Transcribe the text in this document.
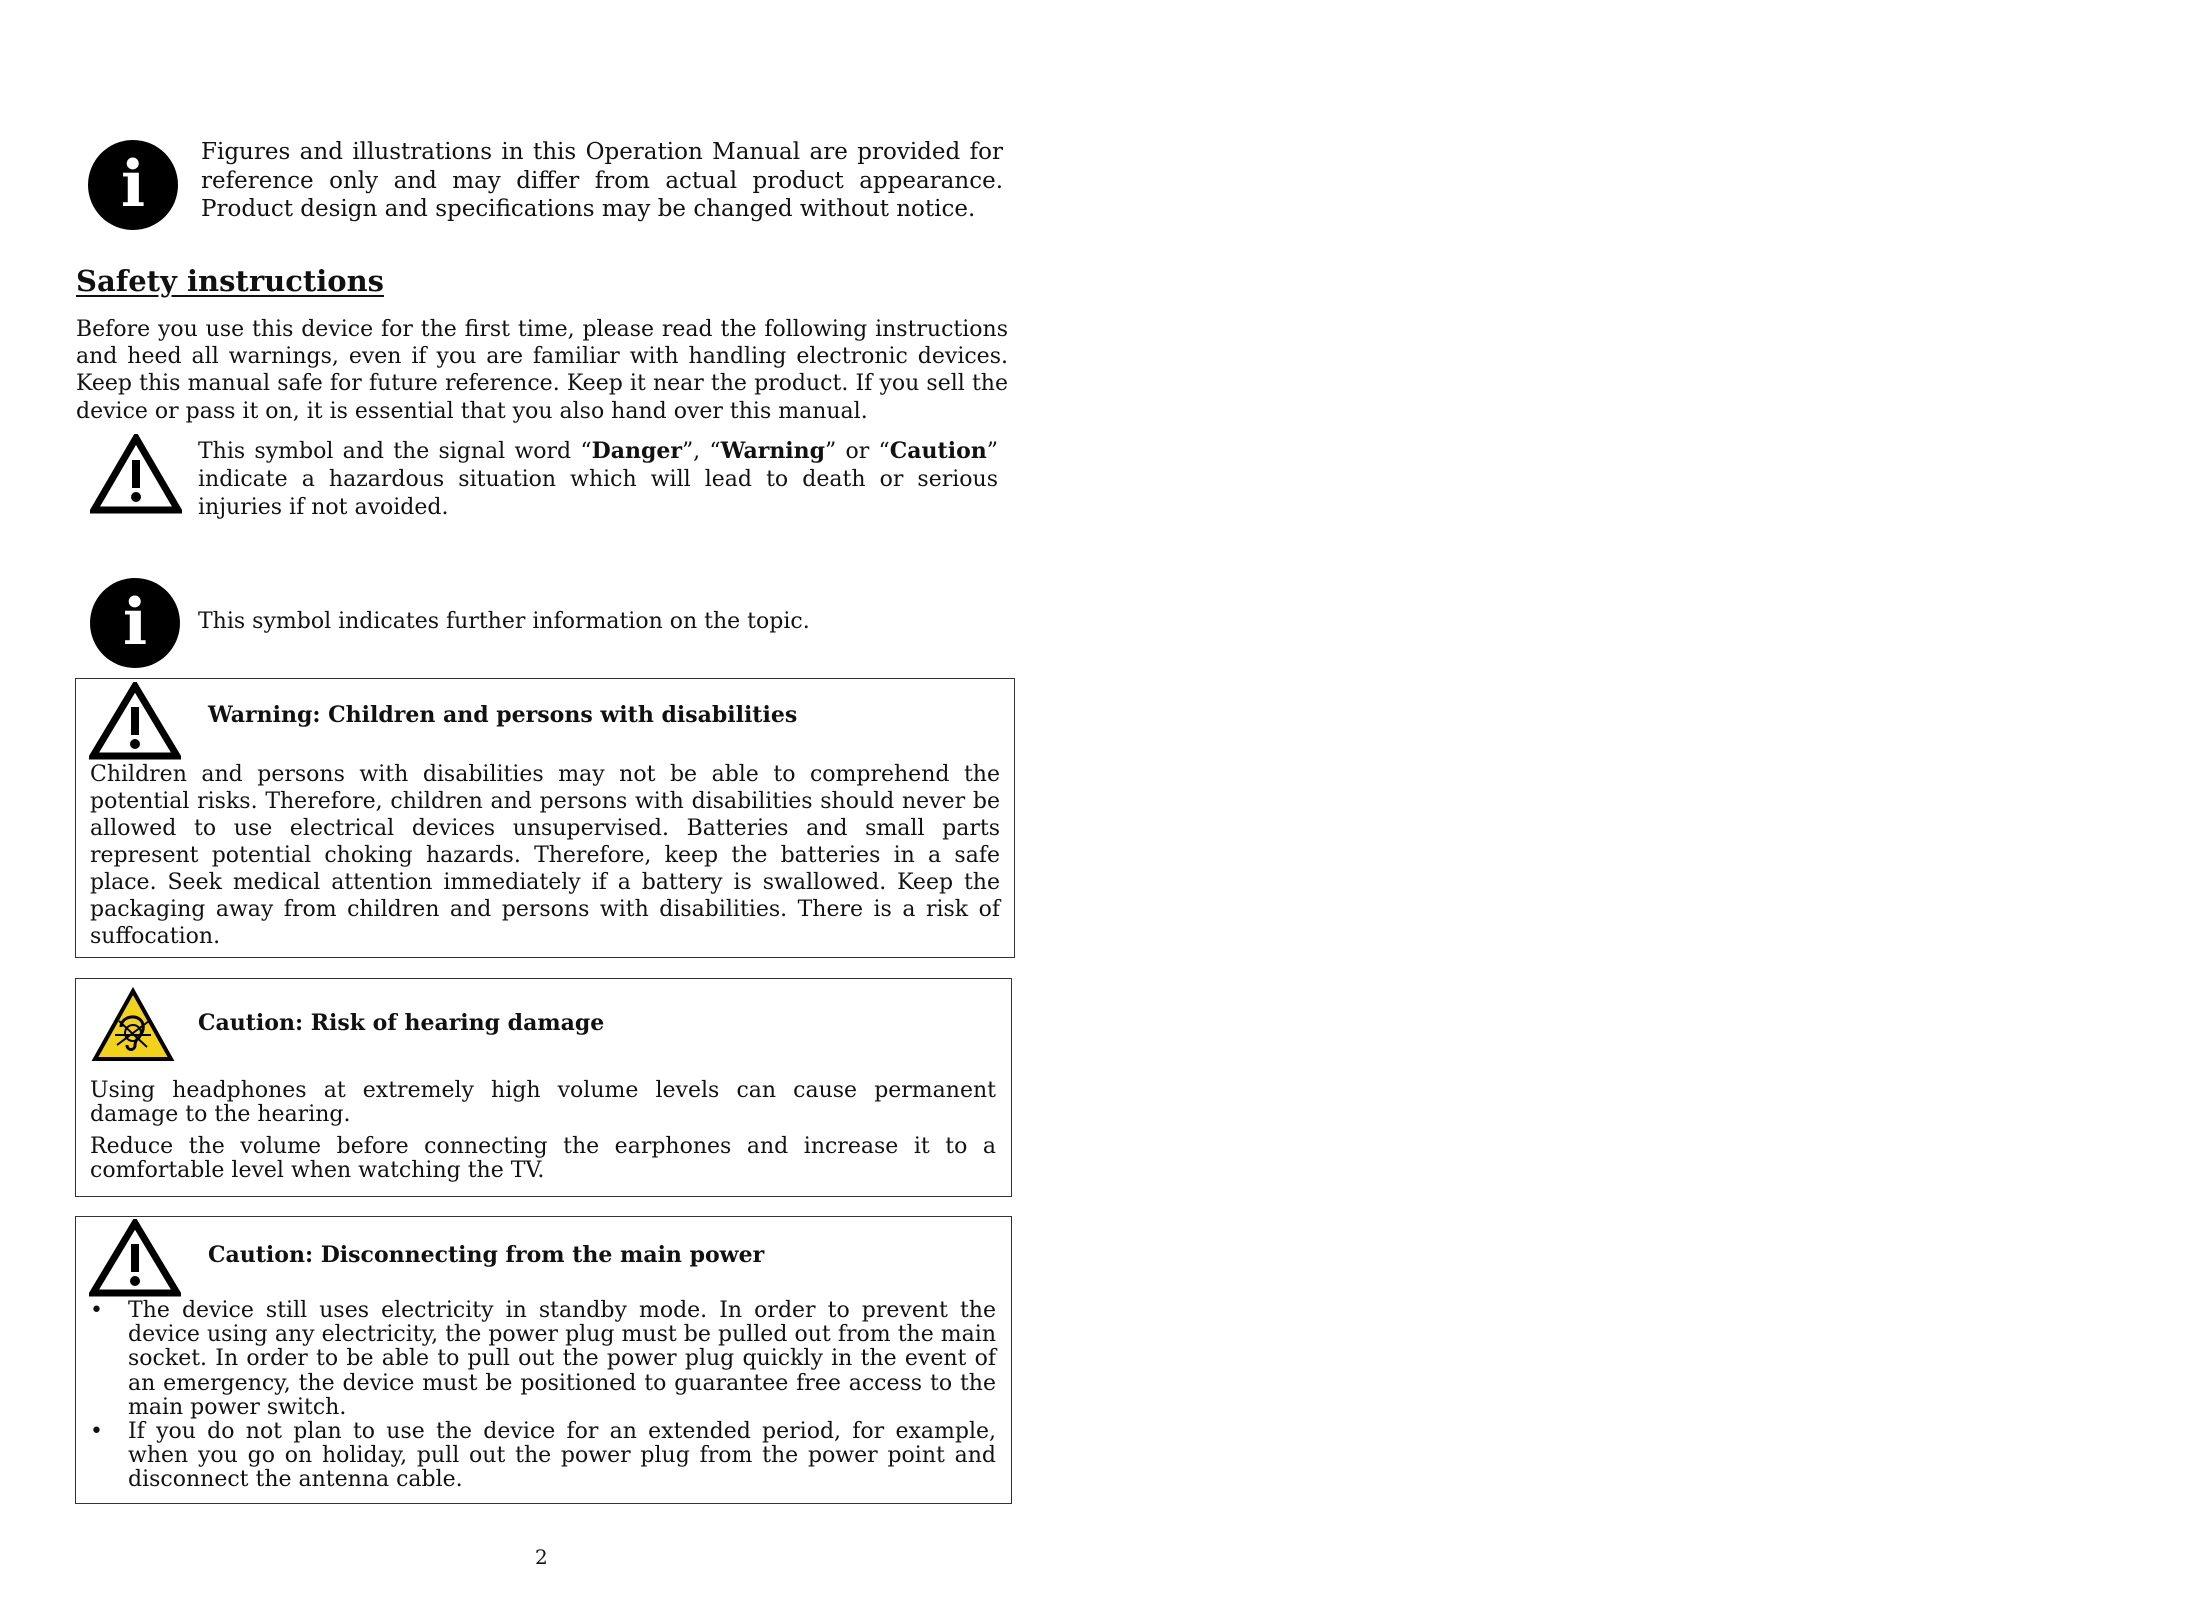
i Figures and illustrations in this Operation Manual are provided for reference only and may differ from actual product appearance. Product design and specifications may be changed without notice.

Safety instructions

Before you use this device for the first time, please read the following instructions and heed all warnings, even if you are familiar with handling electronic devices. Keep this manual safe for future reference. Keep it near the product. If you sell the device or pass it on, it is essential that you also hand over this manual.

This symbol and the signal word “Danger”, “Warning” or “Caution” indicate a hazardous situation which will lead to death or serious injuries if not avoided.

i This symbol indicates further information on the topic.

Warning: Children and persons with disabilities

Children and persons with disabilities may not be able to comprehend the potential risks. Therefore, children and persons with disabilities should never be allowed to use electrical devices unsupervised. Batteries and small parts represent potential choking hazards. Therefore, keep the batteries in a safe place. Seek medical attention immediately if a battery is swallowed. Keep the packaging away from children and persons with disabilities. There is a risk of suffocation.

Caution: Risk of hearing damage

Using headphones at extremely high volume levels can cause permanent damage to the hearing.

Reduce the volume before connecting the earphones and increase it to a comfortable level when watching the TV.

Caution: Disconnecting from the main power

• The device still uses electricity in standby mode. In order to prevent the device using any electricity, the power plug must be pulled out from the main socket. In order to be able to pull out the power plug quickly in the event of an emergency, the device must be positioned to guarantee free access to the main power switch.
• If you do not plan to use the device for an extended period, for example, when you go on holiday, pull out the power plug from the power point and disconnect the antenna cable.
2
